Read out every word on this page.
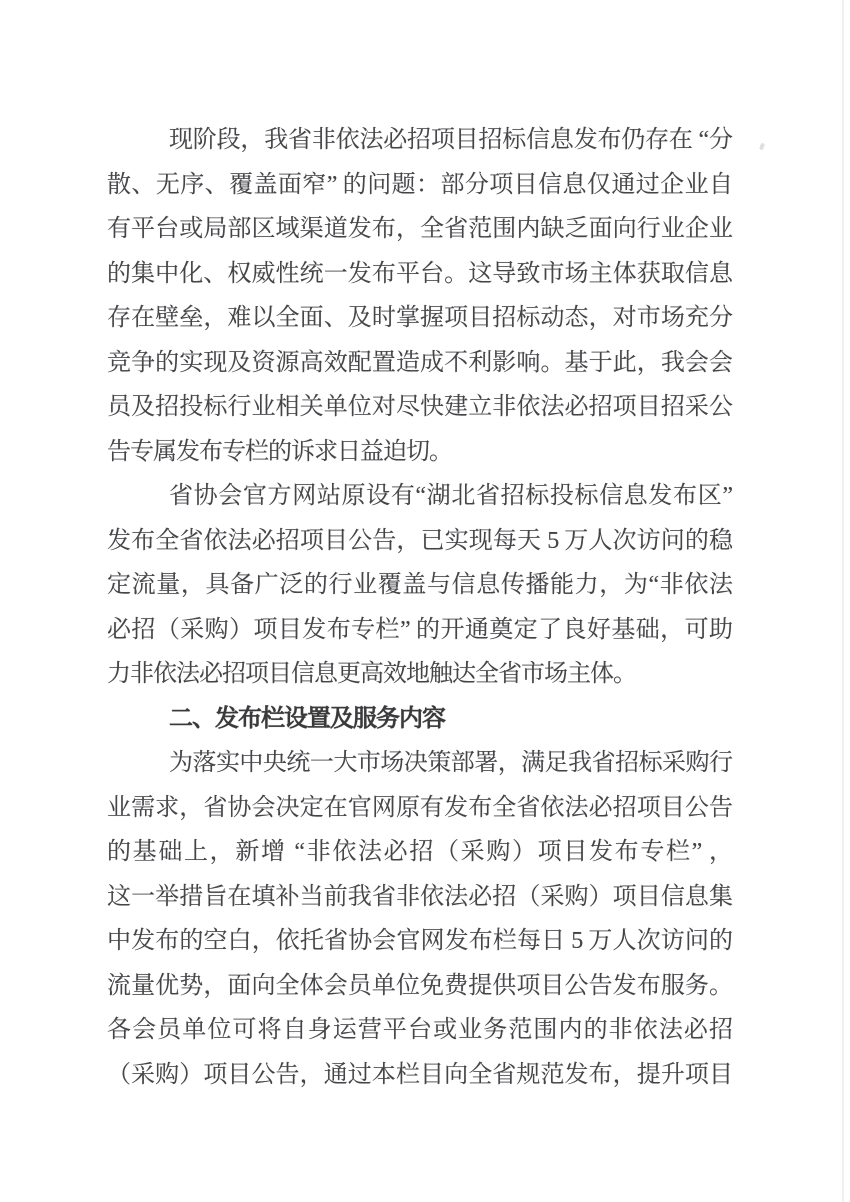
现阶段，我省非依法必招项目招标信息发布仍存在 “分
散、无序、覆盖面窄” 的问题：部分项目信息仅通过企业自
有平台或局部区域渠道发布，全省范围内缺乏面向行业企业
的集中化、权威性统一发布平台。这导致市场主体获取信息
存在壁垒，难以全面、及时掌握项目招标动态，对市场充分
竞争的实现及资源高效配置造成不利影响。基于此，我会会
员及招投标行业相关单位对尽快建立非依法必招项目招采公
告专属发布专栏的诉求日益迫切。
省协会官方网站原设有“湖北省招标投标信息发布区”
发布全省依法必招项目公告，已实现每天 5 万人次访问的稳
定流量，具备广泛的行业覆盖与信息传播能力，为“非依法
必招（采购）项目发布专栏” 的开通奠定了良好基础，可助
力非依法必招项目信息更高效地触达全省市场主体。
二、发布栏设置及服务内容
为落实中央统一大市场决策部署，满足我省招标采购行
业需求，省协会决定在官网原有发布全省依法必招项目公告
的基础上，新增 “非依法必招（采购）项目发布专栏” ，
这一举措旨在填补当前我省非依法必招（采购）项目信息集
中发布的空白，依托省协会官网发布栏每日 5 万人次访问的
流量优势，面向全体会员单位免费提供项目公告发布服务。
各会员单位可将自身运营平台或业务范围内的非依法必招
（采购）项目公告，通过本栏目向全省规范发布，提升项目
